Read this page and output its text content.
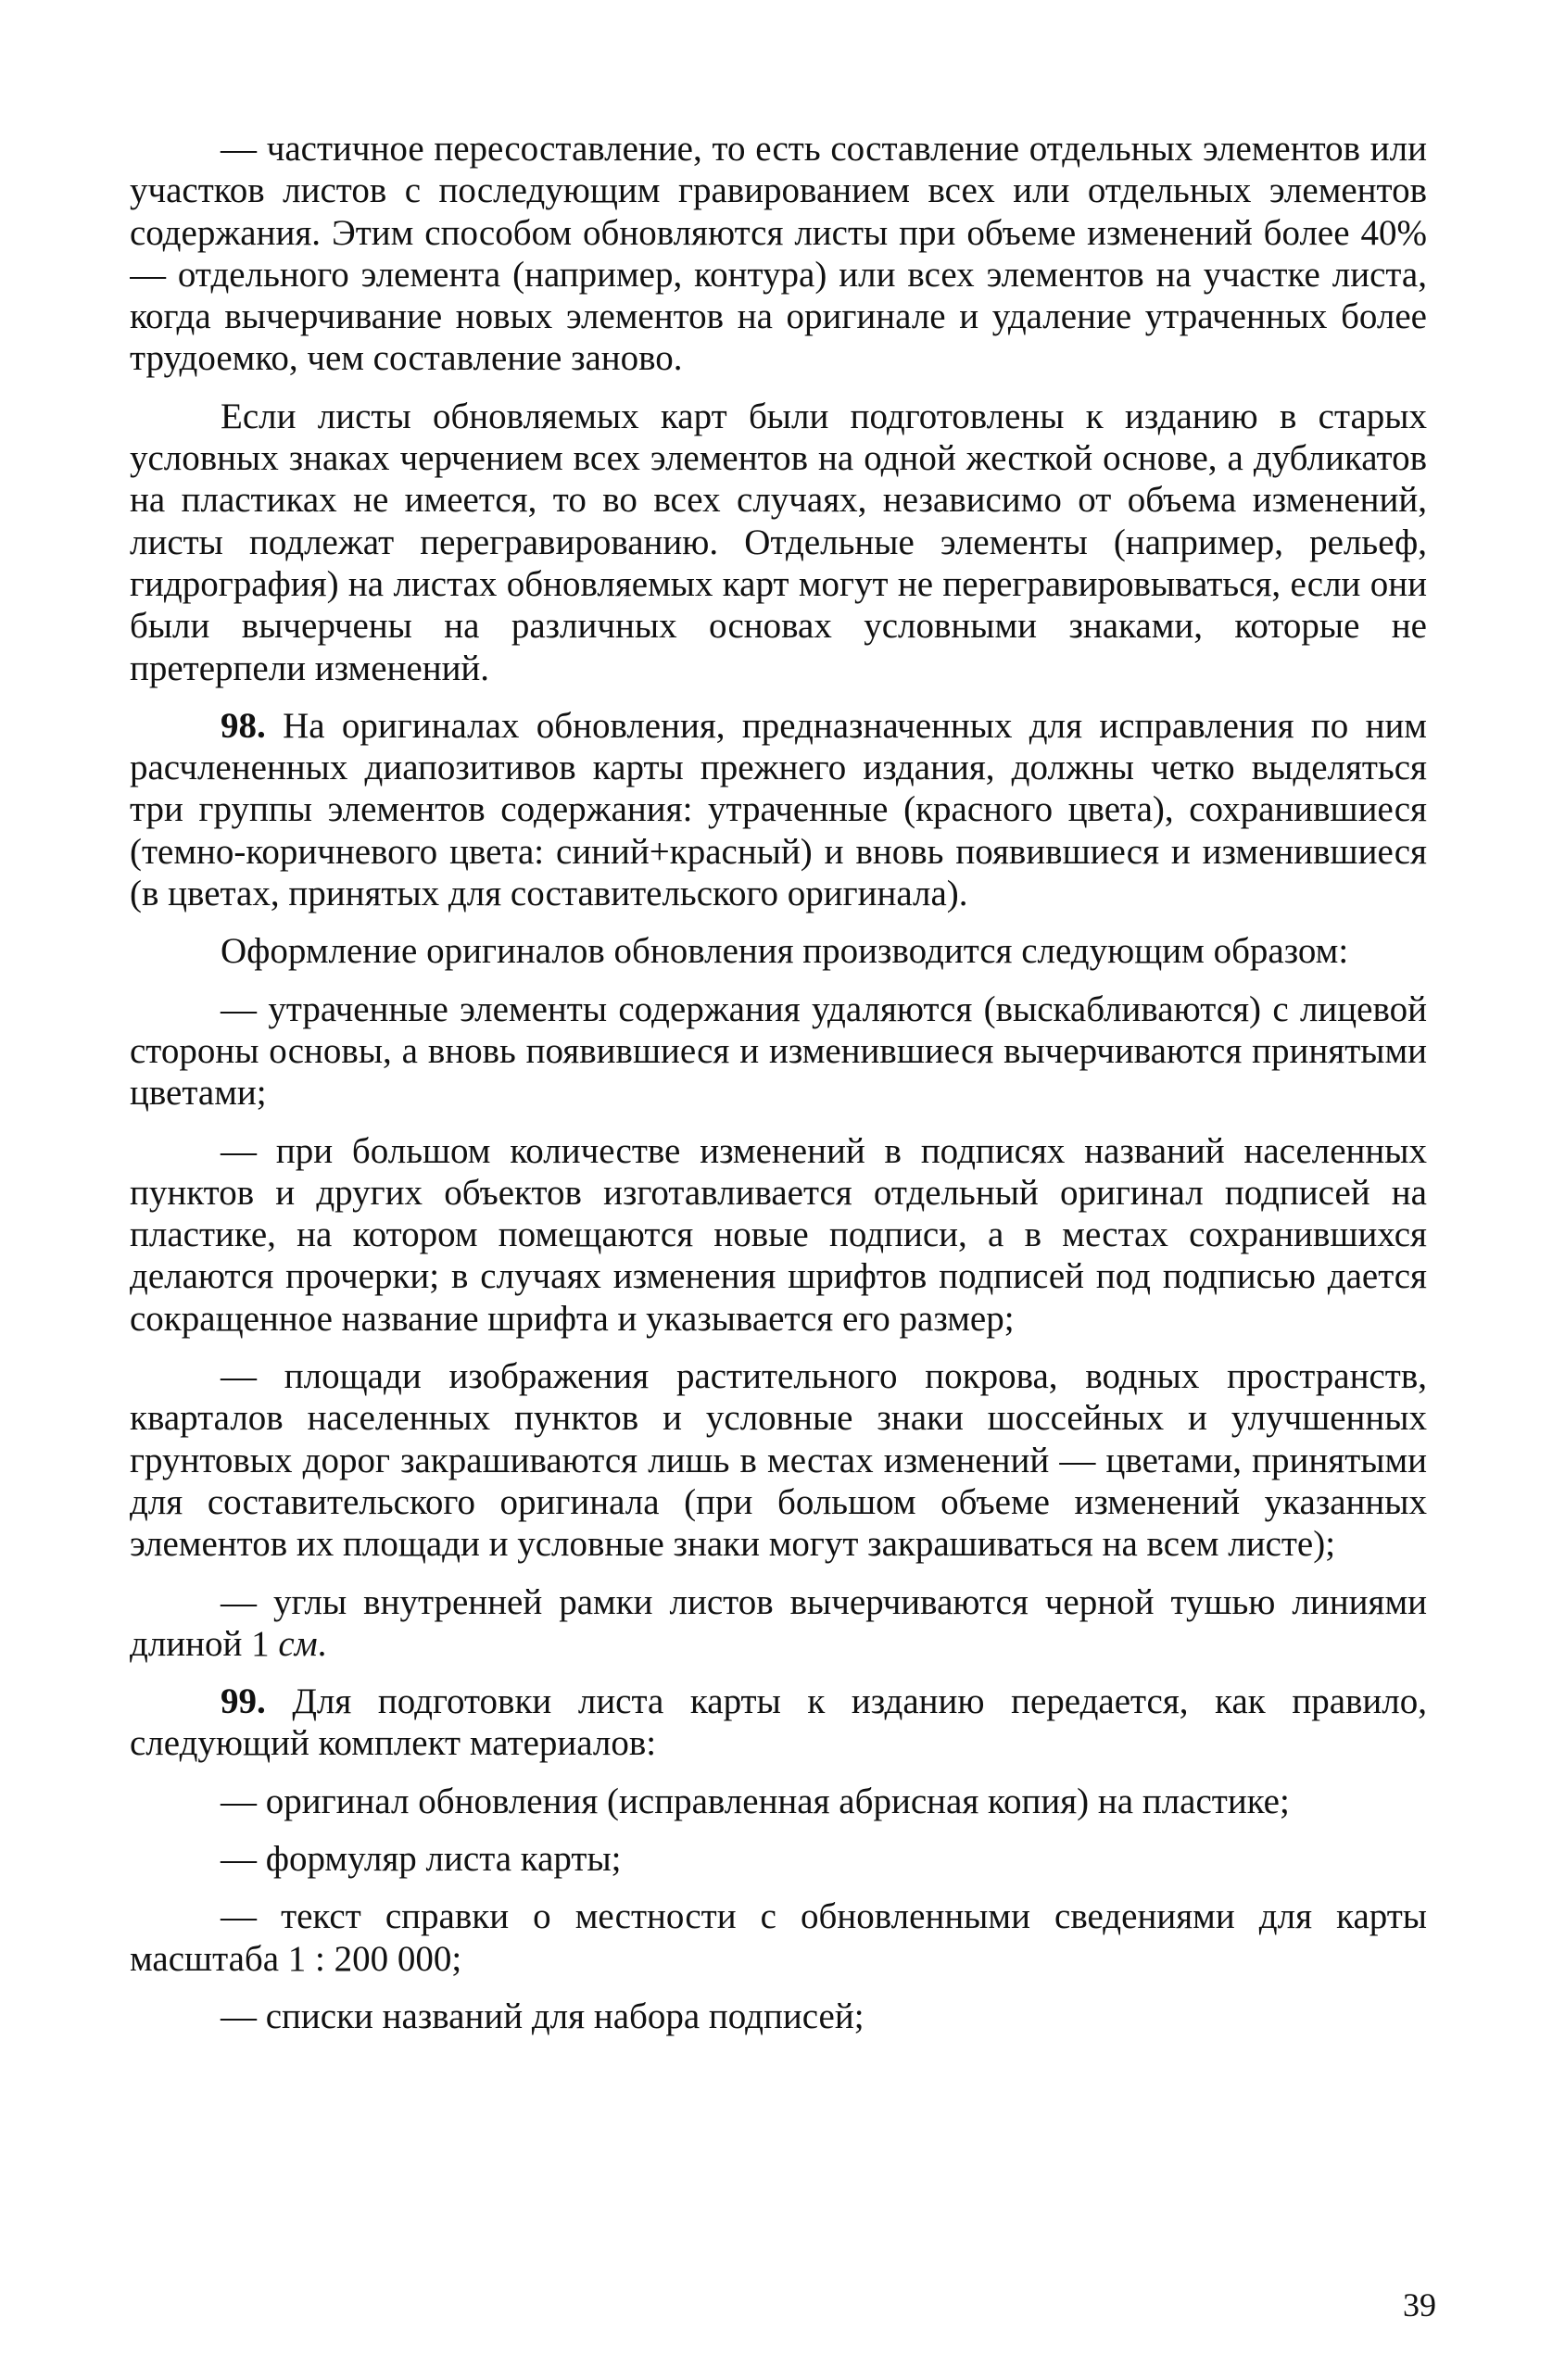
— частичное пересоставление, то есть составление отдельных элементов или участков листов с последующим гравированием всех или отдельных элементов содержания. Этим способом обновляются листы при объеме изменений более 40% — отдельного элемента (например, контура) или всех элементов на участке листа, когда вычерчивание новых элементов на оригинале и удаление утраченных более трудоемко, чем составление заново.

Если листы обновляемых карт были подготовлены к изданию в старых условных знаках черчением всех элементов на одной жесткой основе, а дубликатов на пластиках не имеется, то во всех случаях, независимо от объема изменений, листы подлежат перегравированию. Отдельные элементы (например, рельеф, гидрография) на листах обновляемых карт могут не перегравировываться, если они были вычерчены на различных основах условными знаками, которые не претерпели изменений.

98. На оригиналах обновления, предназначенных для исправления по ним расчлененных диапозитивов карты прежнего издания, должны четко выделяться три группы элементов содержания: утраченные (красного цвета), сохранившиеся (темно-коричневого цвета: синий+красный) и вновь появившиеся и изменившиеся (в цветах, принятых для составительского оригинала).

Оформление оригиналов обновления производится следующим образом:

— утраченные элементы содержания удаляются (выскабливаются) с лицевой стороны основы, а вновь появившиеся и изменившиеся вычерчиваются принятыми цветами;

— при большом количестве изменений в подписях названий населенных пунктов и других объектов изготавливается отдельный оригинал подписей на пластике, на котором помещаются новые подписи, а в местах сохранившихся делаются прочерки; в случаях изменения шрифтов подписей под подписью дается сокращенное название шрифта и указывается его размер;

— площади изображения растительного покрова, водных пространств, кварталов населенных пунктов и условные знаки шоссейных и улучшенных грунтовых дорог закрашиваются лишь в местах изменений — цветами, принятыми для составительского оригинала (при большом объеме изменений указанных элементов их площади и условные знаки могут закрашиваться на всем листе);

— углы внутренней рамки листов вычерчиваются черной тушью линиями длиной 1 см.

99. Для подготовки листа карты к изданию передается, как правило, следующий комплект материалов:

— оригинал обновления (исправленная абрисная копия) на пластике;

— формуляр листа карты;

— текст справки о местности с обновленными сведениями для карты масштаба 1 : 200 000;

— списки названий для набора подписей;

39
